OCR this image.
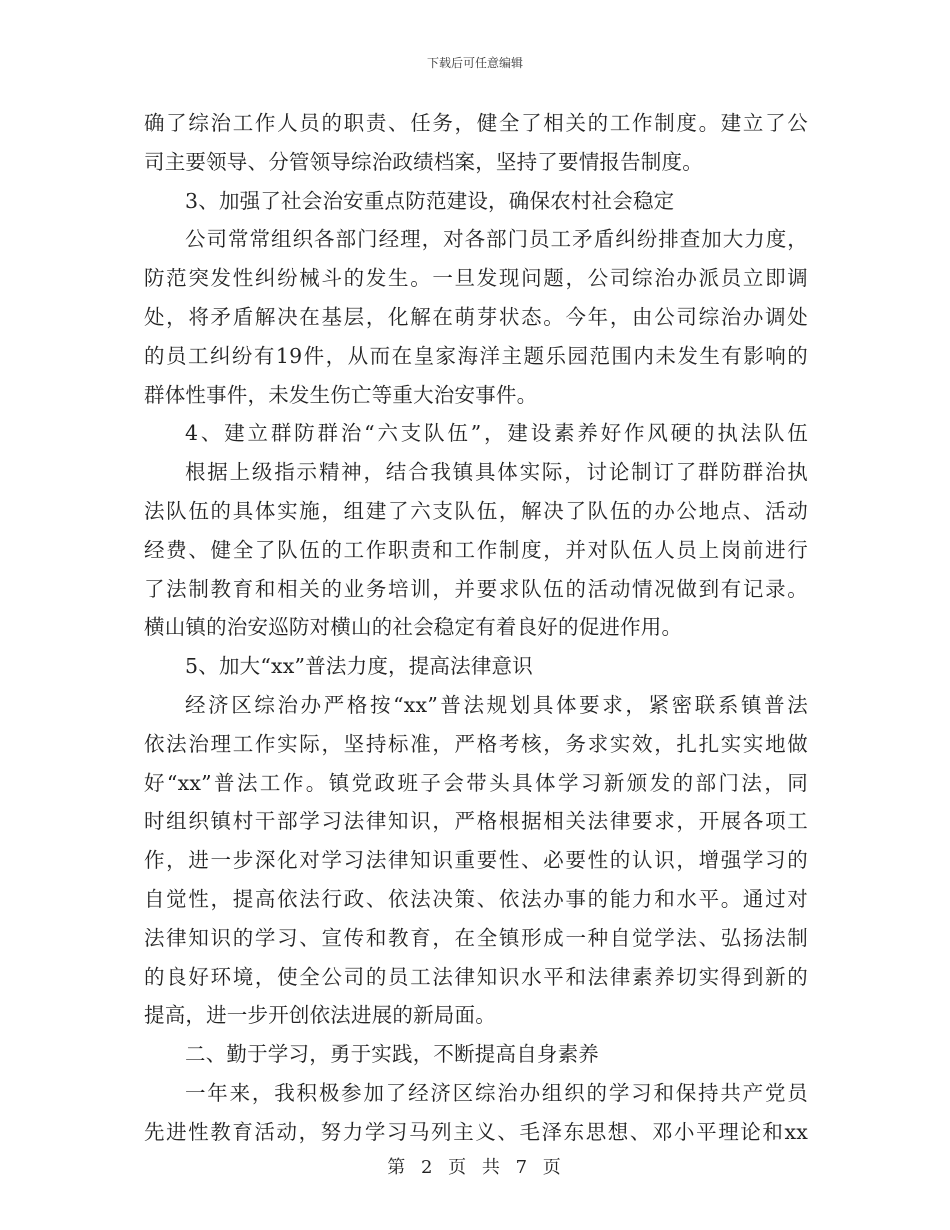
下载后可任意编辑
确了综治工作人员的职责、任务，健全了相关的工作制度。建立了公
司主要领导、分管领导综治政绩档案，坚持了要情报告制度。
3、加强了社会治安重点防范建设，确保农村社会稳定
公司常常组织各部门经理，对各部门员工矛盾纠纷排查加大力度，
防范突发性纠纷械斗的发生。一旦发现问题，公司综治办派员立即调
处，将矛盾解决在基层，化解在萌芽状态。今年，由公司综治办调处
的员工纠纷有19件，从而在皇家海洋主题乐园范围内未发生有影响的
群体性事件，未发生伤亡等重大治安事件。
4、建立群防群治“六支队伍”，建设素养好作风硬的执法队伍
根据上级指示精神，结合我镇具体实际，讨论制订了群防群治执
法队伍的具体实施，组建了六支队伍，解决了队伍的办公地点、活动
经费、健全了队伍的工作职责和工作制度，并对队伍人员上岗前进行
了法制教育和相关的业务培训，并要求队伍的活动情况做到有记录。
横山镇的治安巡防对横山的社会稳定有着良好的促进作用。
5、加大“xx”普法力度，提高法律意识
经济区综治办严格按“xx”普法规划具体要求，紧密联系镇普法
依法治理工作实际，坚持标准，严格考核，务求实效，扎扎实实地做
好“xx”普法工作。镇党政班子会带头具体学习新颁发的部门法，同
时组织镇村干部学习法律知识，严格根据相关法律要求，开展各项工
作，进一步深化对学习法律知识重要性、必要性的认识，增强学习的
自觉性，提高依法行政、依法决策、依法办事的能力和水平。通过对
法律知识的学习、宣传和教育，在全镇形成一种自觉学法、弘扬法制
的良好环境，使全公司的员工法律知识水平和法律素养切实得到新的
提高，进一步开创依法进展的新局面。
二、勤于学习，勇于实践，不断提高自身素养
一年来，我积极参加了经济区综治办组织的学习和保持共产党员
先进性教育活动，努力学习马列主义、毛泽东思想、邓小平理论和xx
第 2 页 共 7 页
